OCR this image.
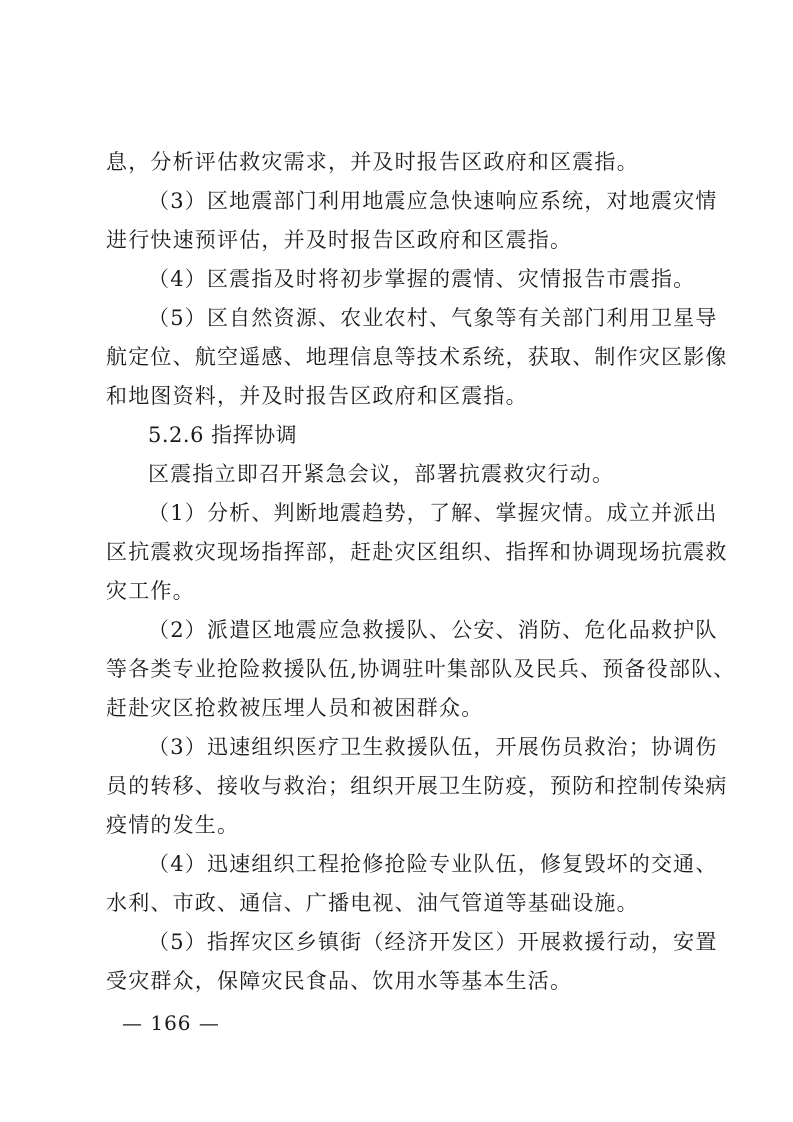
息，分析评估救灾需求，并及时报告区政府和区震指。
（3）区地震部门利用地震应急快速响应系统，对地震灾情
进行快速预评估，并及时报告区政府和区震指。
（4）区震指及时将初步掌握的震情、灾情报告市震指。
（5）区自然资源、农业农村、气象等有关部门利用卫星导
航定位、航空遥感、地理信息等技术系统，获取、制作灾区影像
和地图资料，并及时报告区政府和区震指。
5.2.6 指挥协调
区震指立即召开紧急会议，部署抗震救灾行动。
（1）分析、判断地震趋势，了解、掌握灾情。成立并派出
区抗震救灾现场指挥部，赶赴灾区组织、指挥和协调现场抗震救
灾工作。
（2）派遣区地震应急救援队、公安、消防、危化品救护队
等各类专业抢险救援队伍,协调驻叶集部队及民兵、预备役部队、
赶赴灾区抢救被压埋人员和被困群众。
（3）迅速组织医疗卫生救援队伍，开展伤员救治；协调伤
员的转移、接收与救治；组织开展卫生防疫，预防和控制传染病
疫情的发生。
（4）迅速组织工程抢修抢险专业队伍，修复毁坏的交通、
水利、市政、通信、广播电视、油气管道等基础设施。
（5）指挥灾区乡镇街（经济开发区）开展救援行动，安置
受灾群众，保障灾民食品、饮用水等基本生活。
— 166 —
